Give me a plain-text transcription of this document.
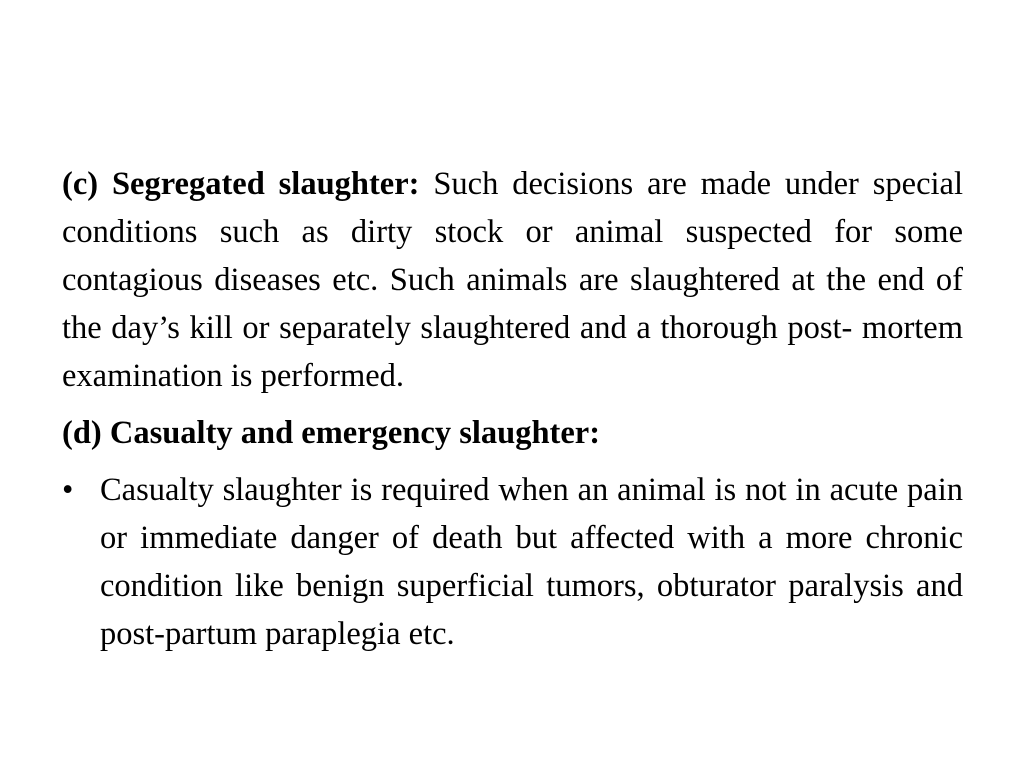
(c) Segregated slaughter: Such decisions are made under special conditions such as dirty stock or animal suspected for some contagious diseases etc. Such animals are slaughtered at the end of the day’s kill or separately slaughtered and a thorough post- mortem examination is performed.

(d) Casualty and emergency slaughter:

• Casualty slaughter is required when an animal is not in acute pain or immediate danger of death but affected with a more chronic condition like benign superficial tumors, obturator paralysis and post-partum paraplegia etc.
